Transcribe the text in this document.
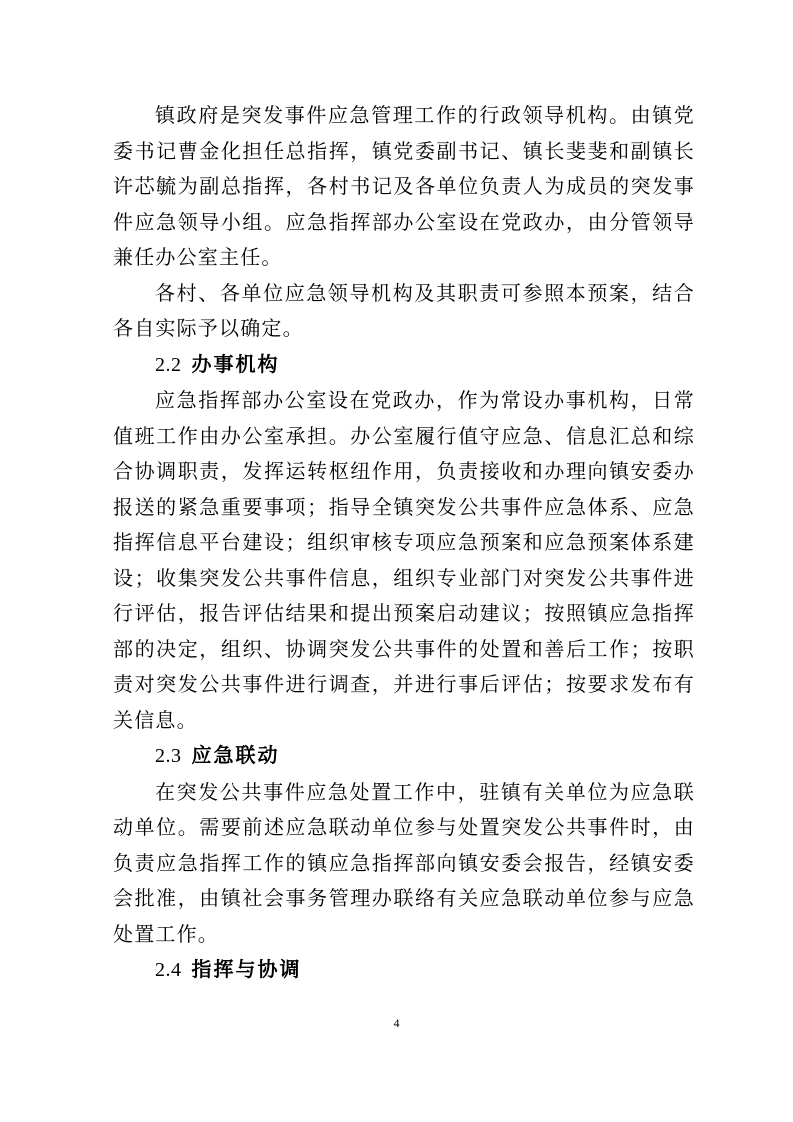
镇政府是突发事件应急管理工作的行政领导机构。由镇党委书记曹金化担任总指挥，镇党委副书记、镇长斐斐和副镇长许芯毓为副总指挥，各村书记及各单位负责人为成员的突发事件应急领导小组。应急指挥部办公室设在党政办，由分管领导兼任办公室主任。

各村、各单位应急领导机构及其职责可参照本预案，结合各自实际予以确定。

2.2 办事机构

应急指挥部办公室设在党政办，作为常设办事机构，日常值班工作由办公室承担。办公室履行值守应急、信息汇总和综合协调职责，发挥运转枢纽作用，负责接收和办理向镇安委办报送的紧急重要事项；指导全镇突发公共事件应急体系、应急指挥信息平台建设；组织审核专项应急预案和应急预案体系建设；收集突发公共事件信息，组织专业部门对突发公共事件进行评估，报告评估结果和提出预案启动建议；按照镇应急指挥部的决定，组织、协调突发公共事件的处置和善后工作；按职责对突发公共事件进行调查，并进行事后评估；按要求发布有关信息。

2.3 应急联动

在突发公共事件应急处置工作中，驻镇有关单位为应急联动单位。需要前述应急联动单位参与处置突发公共事件时，由负责应急指挥工作的镇应急指挥部向镇安委会报告，经镇安委会批准，由镇社会事务管理办联络有关应急联动单位参与应急处置工作。

2.4 指挥与协调

4
